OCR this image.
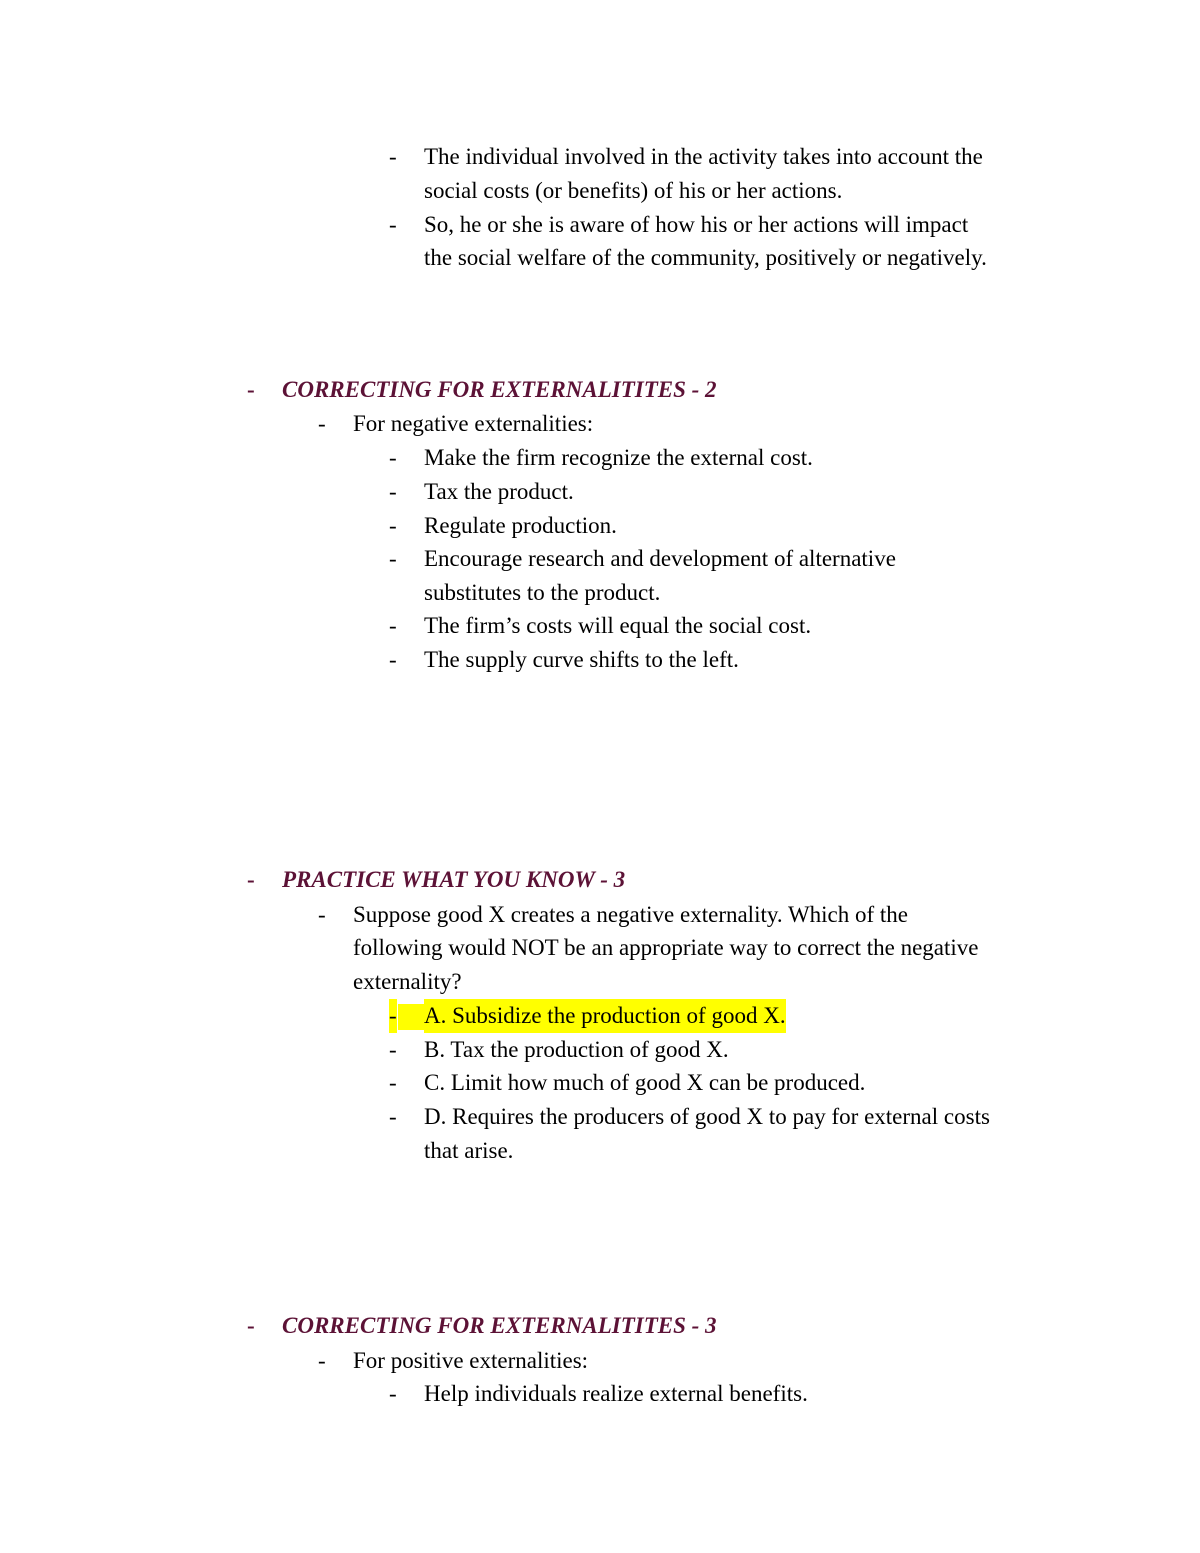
- The individual involved in the activity takes into account the
social costs (or benefits) of his or her actions.
- So, he or she is aware of how his or her actions will impact
the social welfare of the community, positively or negatively.
- CORRECTING FOR EXTERNALITITES - 2
- For negative externalities:
- Make the firm recognize the external cost.
- Tax the product.
- Regulate production.
- Encourage research and development of alternative
substitutes to the product.
- The firm’s costs will equal the social cost.
- The supply curve shifts to the left.
- PRACTICE WHAT YOU KNOW - 3
- Suppose good X creates a negative externality. Which of the
following would NOT be an appropriate way to correct the negative
externality?
- A. Subsidize the production of good X.
- B. Tax the production of good X.
- C. Limit how much of good X can be produced.
- D. Requires the producers of good X to pay for external costs
that arise.
- CORRECTING FOR EXTERNALITITES - 3
- For positive externalities:
- Help individuals realize external benefits.
